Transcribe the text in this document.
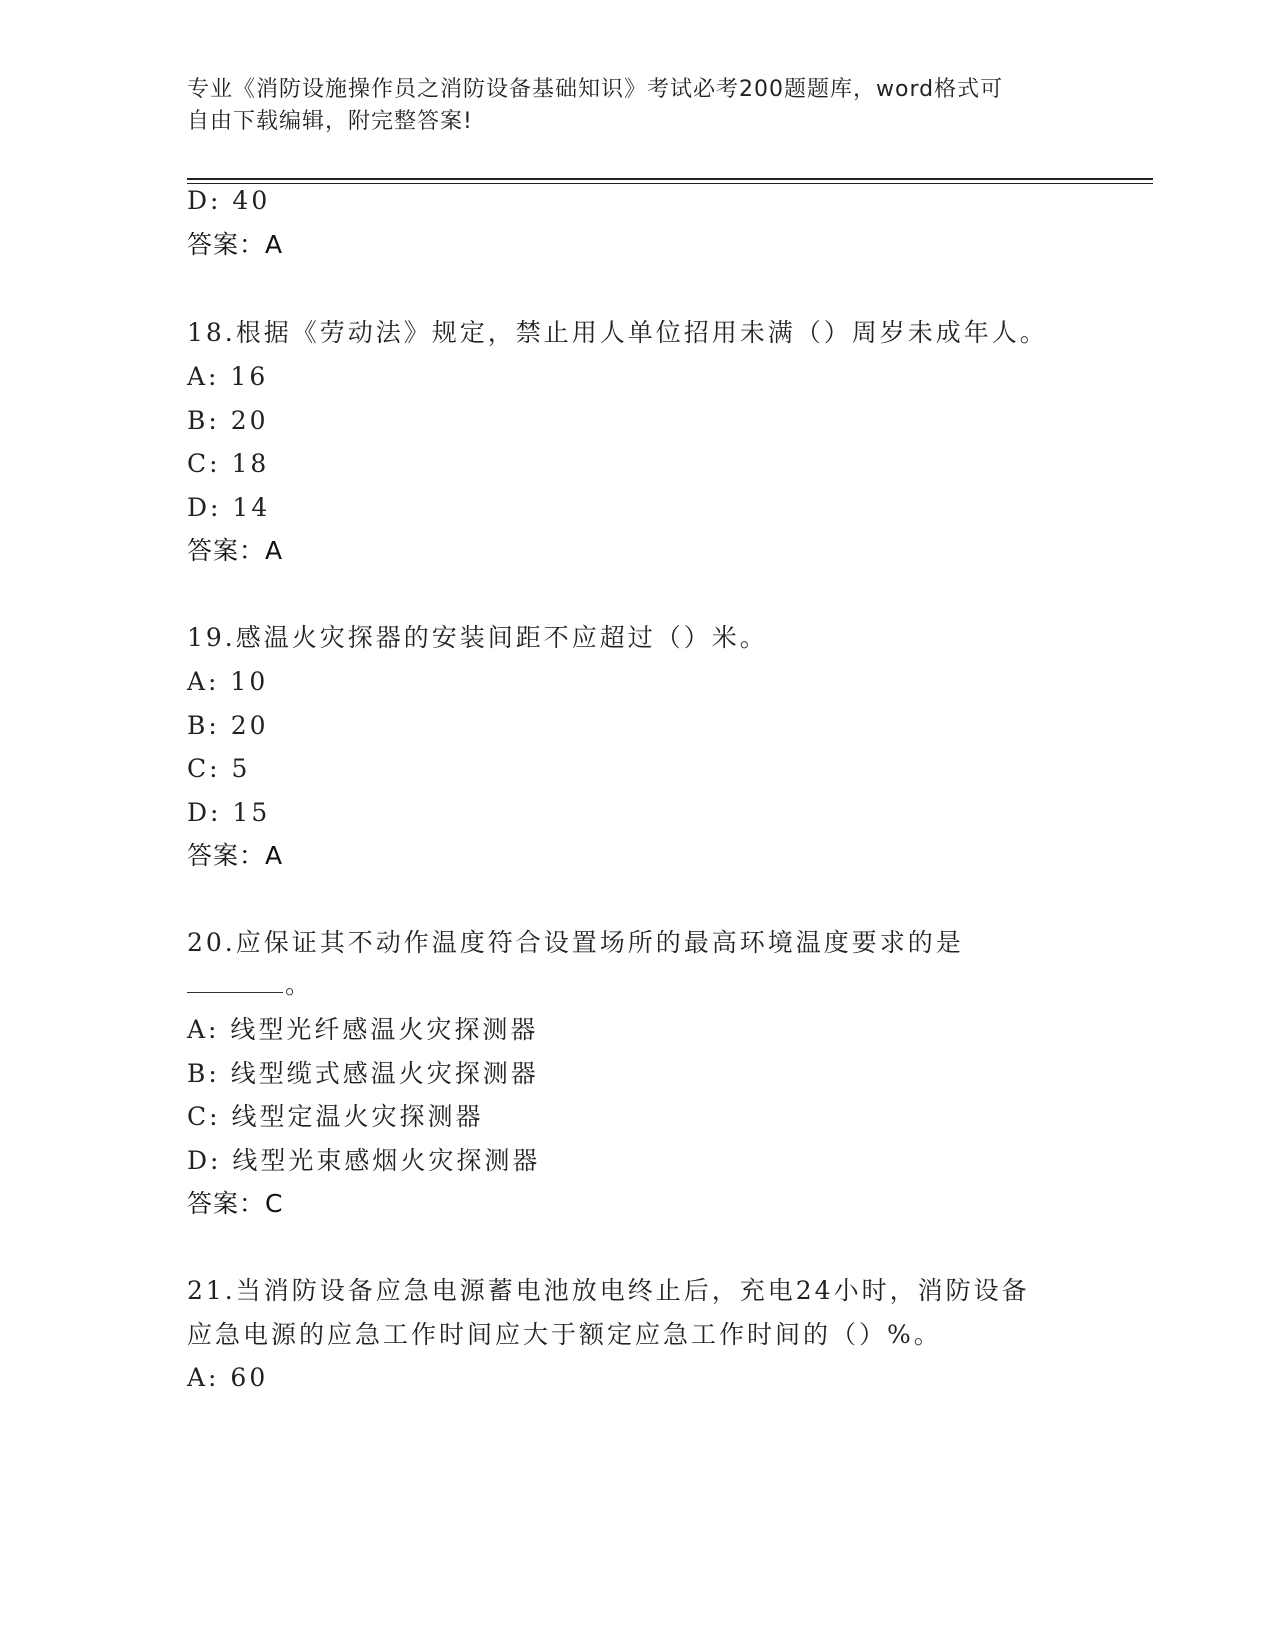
专业《消防设施操作员之消防设备基础知识》考试必考200题题库，word格式可
自由下载编辑，附完整答案!
D: 40
答案：A
18.根据《劳动法》规定，禁止用人单位招用未满（）周岁未成年人。
A: 16
B: 20
C: 18
D: 14
答案：A
19.感温火灾探器的安装间距不应超过（）米。
A: 10
B: 20
C: 5
D: 15
答案：A
20.应保证其不动作温度符合设置场所的最高环境温度要求的是
。
A: 线型光纤感温火灾探测器
B: 线型缆式感温火灾探测器
C: 线型定温火灾探测器
D: 线型光束感烟火灾探测器
答案：C
21.当消防设备应急电源蓄电池放电终止后，充电24小时，消防设备
应急电源的应急工作时间应大于额定应急工作时间的（）%。
A: 60
